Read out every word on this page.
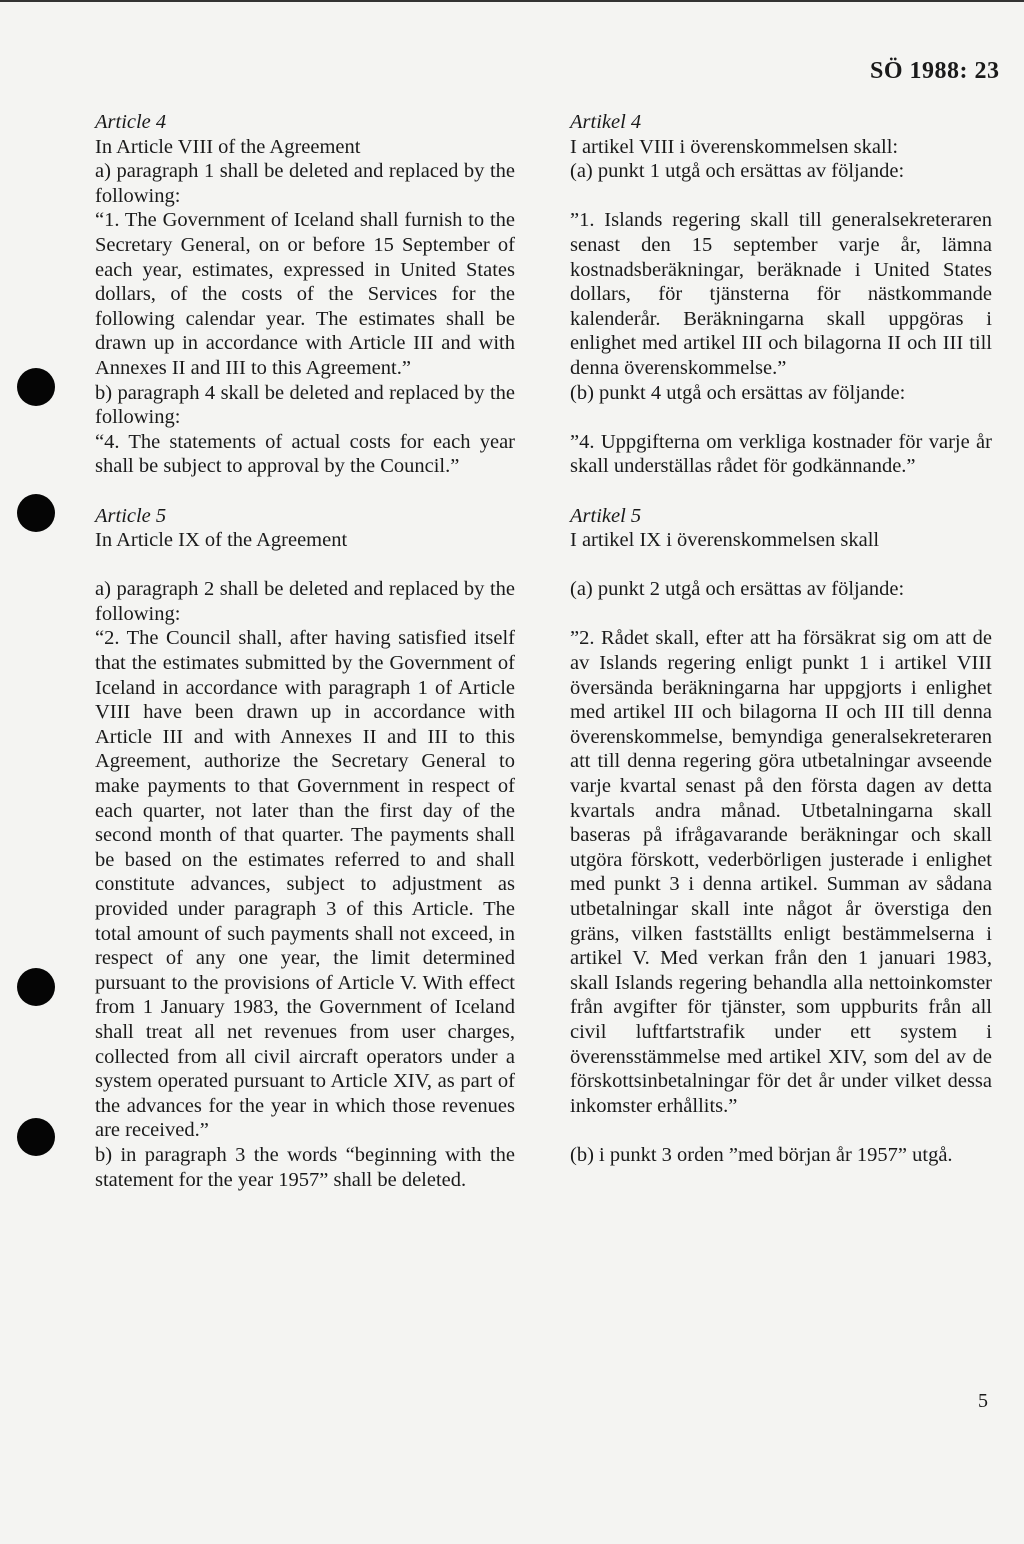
SÖ 1988: 23

Article 4

In Article VIII of the Agreement

a) paragraph 1 shall be deleted and replaced by the following:

“1. The Government of Iceland shall furnish to the Secretary General, on or before 15 September of each year, estimates, expressed in United States dollars, of the costs of the Services for the following calendar year. The estimates shall be drawn up in accordance with Article III and with Annexes II and III to this Agreement.”

b) paragraph 4 skall be deleted and replaced by the following:

“4. The statements of actual costs for each year shall be subject to approval by the Council.”

Article 5

In Article IX of the Agreement

a) paragraph 2 shall be deleted and replaced by the following:

“2. The Council shall, after having satisfied itself that the estimates submitted by the Government of Iceland in accordance with paragraph 1 of Article VIII have been drawn up in accordance with Article III and with Annexes II and III to this Agreement, authorize the Secretary General to make payments to that Government in respect of each quarter, not later than the first day of the second month of that quarter. The payments shall be based on the estimates referred to and shall constitute advances, subject to adjustment as provided under paragraph 3 of this Article. The total amount of such payments shall not exceed, in respect of any one year, the limit determined pursuant to the provisions of Article V. With effect from 1 January 1983, the Government of Iceland shall treat all net revenues from user charges, collected from all civil aircraft operators under a system operated pursuant to Article XIV, as part of the advances for the year in which those revenues are received.”

b) in paragraph 3 the words “beginning with the statement for the year 1957” shall be deleted.

Artikel 4

I artikel VIII i överenskommelsen skall:

(a) punkt 1 utgå och ersättas av följande:

”1. Islands regering skall till generalsekreteraren senast den 15 september varje år, lämna kostnadsberäkningar, beräknade i United States dollars, för tjänsterna för nästkommande kalenderår. Beräkningarna skall uppgöras i enlighet med artikel III och bilagorna II och III till denna överenskommelse.”

(b) punkt 4 utgå och ersättas av följande:

”4. Uppgifterna om verkliga kostnader för varje år skall underställas rådet för godkännande.”

Artikel 5

I artikel IX i överenskommelsen skall

(a) punkt 2 utgå och ersättas av följande:

”2. Rådet skall, efter att ha försäkrat sig om att de av Islands regering enligt punkt 1 i artikel VIII översända beräkningarna har uppgjorts i enlighet med artikel III och bilagorna II och III till denna överenskommelse, bemyndiga generalsekreteraren att till denna regering göra utbetalningar avseende varje kvartal senast på den första dagen av detta kvartals andra månad. Utbetalningarna skall baseras på ifrågavarande beräkningar och skall utgöra förskott, vederbörligen justerade i enlighet med punkt 3 i denna artikel. Summan av sådana utbetalningar skall inte något år överstiga den gräns, vilken fastställts enligt bestämmelserna i artikel V. Med verkan från den 1 januari 1983, skall Islands regering behandla alla nettoinkomster från avgifter för tjänster, som uppburits från all civil luftfartstrafik under ett system i överensstämmelse med artikel XIV, som del av de förskottsinbetalningar för det år under vilket dessa inkomster erhållits.”

(b) i punkt 3 orden ”med början år 1957” utgå.

5
